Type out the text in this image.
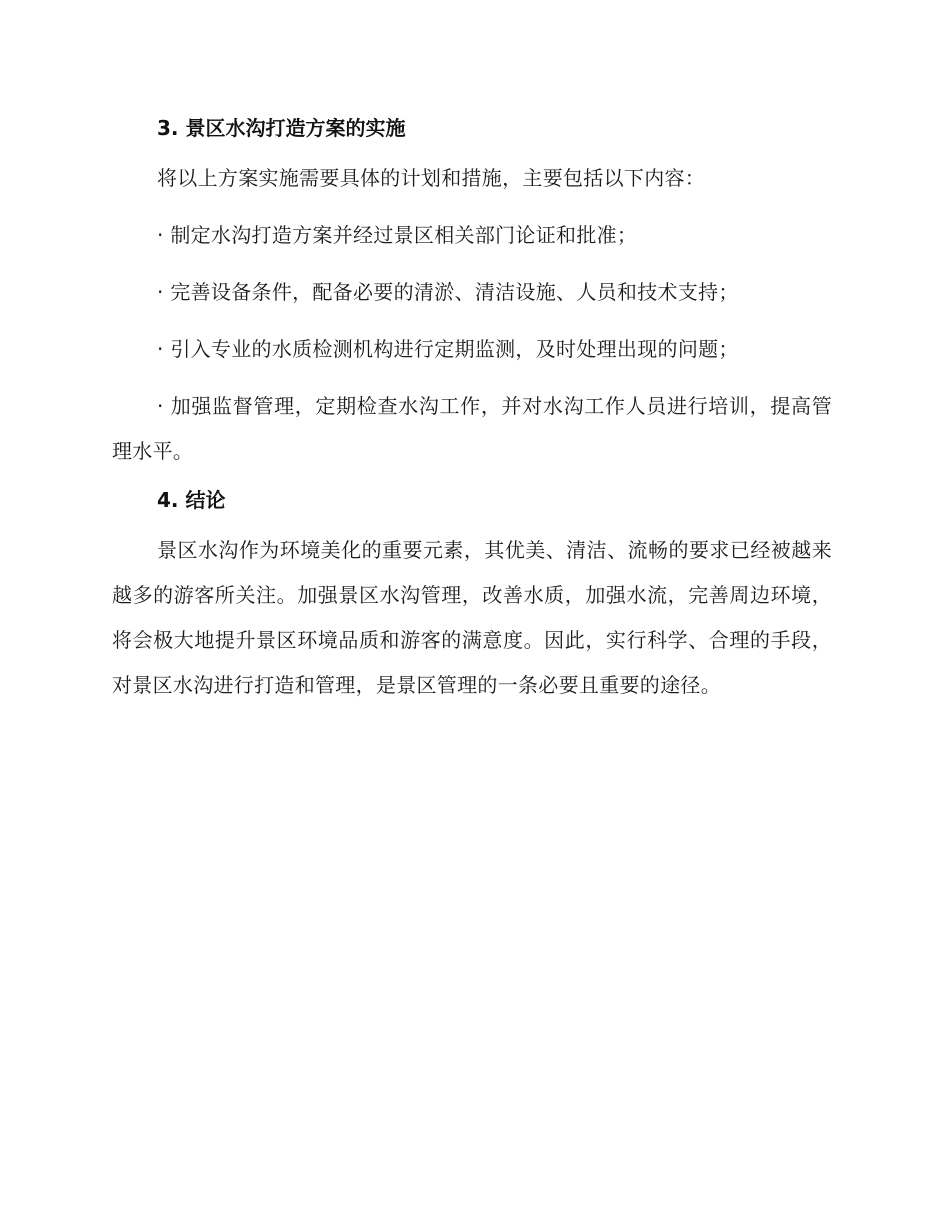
3. 景区水沟打造方案的实施

将以上方案实施需要具体的计划和措施，主要包括以下内容：

· 制定水沟打造方案并经过景区相关部门论证和批准；

· 完善设备条件，配备必要的清淤、清洁设施、人员和技术支持；

· 引入专业的水质检测机构进行定期监测，及时处理出现的问题；

· 加强监督管理，定期检查水沟工作，并对水沟工作人员进行培训，提高管理水平。

4. 结论

景区水沟作为环境美化的重要元素，其优美、清洁、流畅的要求已经被越来越多的游客所关注。加强景区水沟管理，改善水质，加强水流，完善周边环境，将会极大地提升景区环境品质和游客的满意度。因此，实行科学、合理的手段，对景区水沟进行打造和管理，是景区管理的一条必要且重要的途径。
